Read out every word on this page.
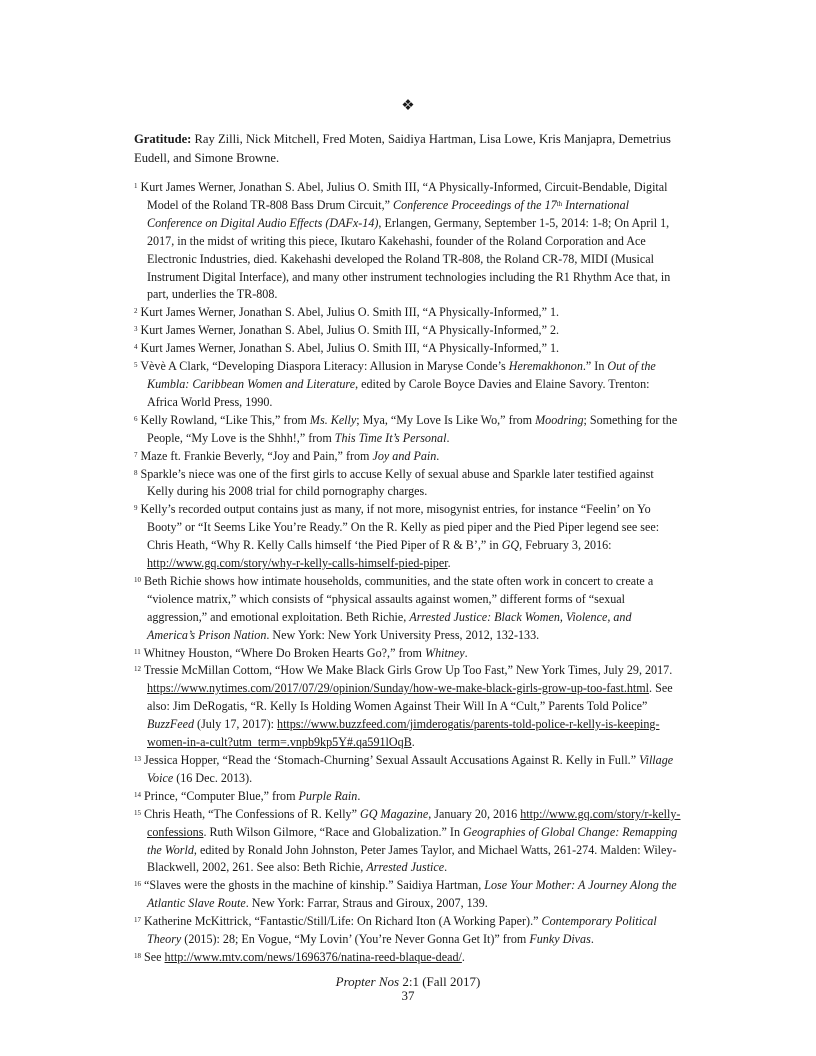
❖
Gratitude: Ray Zilli, Nick Mitchell, Fred Moten, Saidiya Hartman, Lisa Lowe, Kris Manjapra, Demetrius Eudell, and Simone Browne.

$^1$ Kurt James Werner, Jonathan S. Abel, Julius O. Smith III, “A Physically-Informed, Circuit-Bendable, Digital Model of the Roland TR-808 Bass Drum Circuit,” Conference Proceedings of the 17th International Conference on Digital Audio Effects (DAFx-14), Erlangen, Germany, September 1-5, 2014: 1-8; On April 1, 2017, in the midst of writing this piece, Ikutaro Kakehashi, founder of the Roland Corporation and Ace Electronic Industries, died. Kakehashi developed the Roland TR-808, the Roland CR-78, MIDI (Musical Instrument Digital Interface), and many other instrument technologies including the R1 Rhythm Ace that, in part, underlies the TR-808.

$^2$ Kurt James Werner, Jonathan S. Abel, Julius O. Smith III, “A Physically-Informed,” 1.

$^3$ Kurt James Werner, Jonathan S. Abel, Julius O. Smith III, “A Physically-Informed,” 2.

$^4$ Kurt James Werner, Jonathan S. Abel, Julius O. Smith III, “A Physically-Informed,” 1.

$^5$ Vèvè A Clark, “Developing Diaspora Literacy: Allusion in Maryse Conde’s Heremakhonon.” In Out of the Kumbla: Caribbean Women and Literature, edited by Carole Boyce Davies and Elaine Savory. Trenton: Africa World Press, 1990.

$^6$ Kelly Rowland, “Like This,” from Ms. Kelly; Mya, “My Love Is Like Wo,” from Moodring; Something for the People, “My Love is the Shhh!,” from This Time It’s Personal.

$^7$ Maze ft. Frankie Beverly, “Joy and Pain,” from Joy and Pain.

$^8$ Sparkle’s niece was one of the first girls to accuse Kelly of sexual abuse and Sparkle later testified against Kelly during his 2008 trial for child pornography charges.

$^9$ Kelly’s recorded output contains just as many, if not more, misogynist entries, for instance “Feelin’ on Yo Booty” or “It Seems Like You’re Ready.” On the R. Kelly as pied piper and the Pied Piper legend see see: Chris Heath, “Why R. Kelly Calls himself ‘the Pied Piper of R & B’,” in GQ, February 3, 2016: http://www.gq.com/story/why-r-kelly-calls-himself-pied-piper.

$^{10}$ Beth Richie shows how intimate households, communities, and the state often work in concert to create a “violence matrix,” which consists of “physical assaults against women,” different forms of “sexual aggression,” and emotional exploitation. Beth Richie, Arrested Justice: Black Women, Violence, and America’s Prison Nation. New York: New York University Press, 2012, 132-133.

$^{11}$ Whitney Houston, “Where Do Broken Hearts Go?,” from Whitney.

$^{12}$ Tressie McMillan Cottom, “How We Make Black Girls Grow Up Too Fast,” New York Times, July 29, 2017. https://www.nytimes.com/2017/07/29/opinion/Sunday/how-we-make-black-girls-grow-up-too-fast.html. See also: Jim DeRogatis, “R. Kelly Is Holding Women Against Their Will In A “Cult,” Parents Told Police” BuzzFeed (July 17, 2017): https://www.buzzfeed.com/jimderogatis/parents-told-police-r-kelly-is-keeping-women-in-a-cult?utm_term=.vnpb9kp5Y#.qa591lOqB.

$^{13}$ Jessica Hopper, “Read the ‘Stomach-Churning’ Sexual Assault Accusations Against R. Kelly in Full.” Village Voice (16 Dec. 2013).

$^{14}$ Prince, “Computer Blue,” from Purple Rain.

$^{15}$ Chris Heath, “The Confessions of R. Kelly” GQ Magazine, January 20, 2016 http://www.gq.com/story/r-kelly-confessions. Ruth Wilson Gilmore, “Race and Globalization.” In Geographies of Global Change: Remapping the World, edited by Ronald John Johnston, Peter James Taylor, and Michael Watts, 261-274. Malden: Wiley-Blackwell, 2002, 261. See also: Beth Richie, Arrested Justice.

$^{16}$ “Slaves were the ghosts in the machine of kinship.” Saidiya Hartman, Lose Your Mother: A Journey Along the Atlantic Slave Route. New York: Farrar, Straus and Giroux, 2007, 139.

$^{17}$ Katherine McKittrick, “Fantastic/Still/Life: On Richard Iton (A Working Paper).” Contemporary Political Theory (2015): 28; En Vogue, “My Lovin’ (You’re Never Gonna Get It)” from Funky Divas.

$^{18}$ See http://www.mtv.com/news/1696376/natina-reed-blaque-dead/.

Propter Nos 2:1 (Fall 2017)
37
